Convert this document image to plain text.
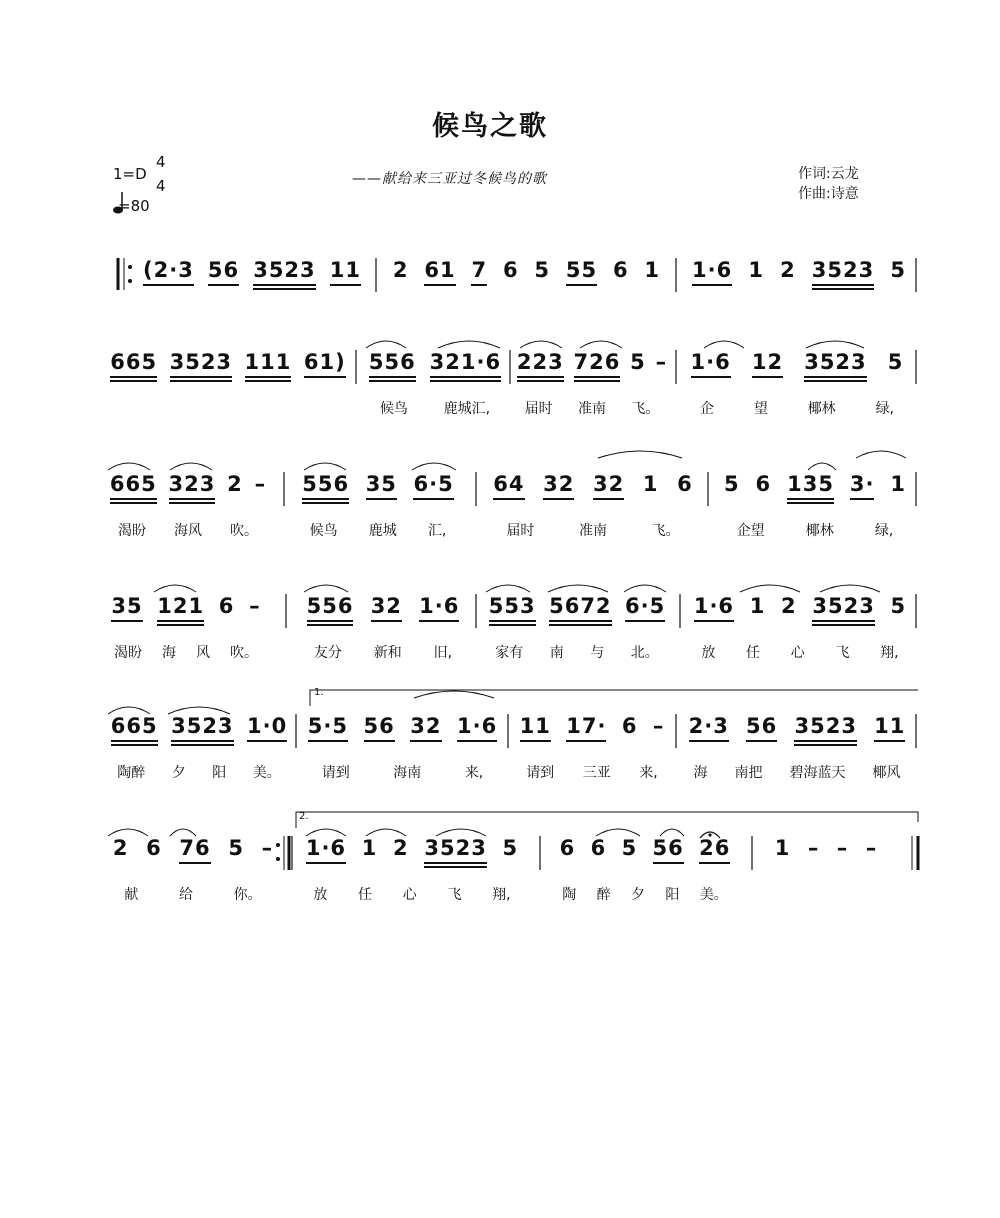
候鸟之歌
——献给来三亚过冬候鸟的歌	作词:云龙
作曲:诗意
1=D
4
4
=80
(2·3 56 3523 11 2 61 7 6 5 55 6 1 1·6 1 2 3523 5
665 3523 111 61) 556 321·6
候鸟	鹿城汇,
223 726 5 –
届时 准南 飞。
1·6 12 3523 5
企	望	椰林	绿,
665 323 2 –
渴盼 海风 吹。
556 35 6·5
候鸟 鹿城 汇,
64 32 32 1 6
届时	准南	飞。
5 6 135 3· 1
企望	椰林	绿,
35 121 6 –
渴盼 海 风 吹。
556 32 1·6
友分 新和 旧,
553 5672 6·5
家有 南 与 北。
1·6 1 2 3523 5
放 任 心 飞 翔,
1.
665 3523 1·0
陶醉 夕 阳 美。
5·5 56 32 1·6
请到	海南	来,
11 17· 6 –
请到 三亚 来,
2·3 56 3523 11
海 南把 碧海蓝天 椰风
2.
2 6 76 5 –
献	给	你。
1·6 1 2 3523 5
放 任 心 飞 翔,
6 6 5 56 26
陶 醉 夕 阳 美。
1 – – –
